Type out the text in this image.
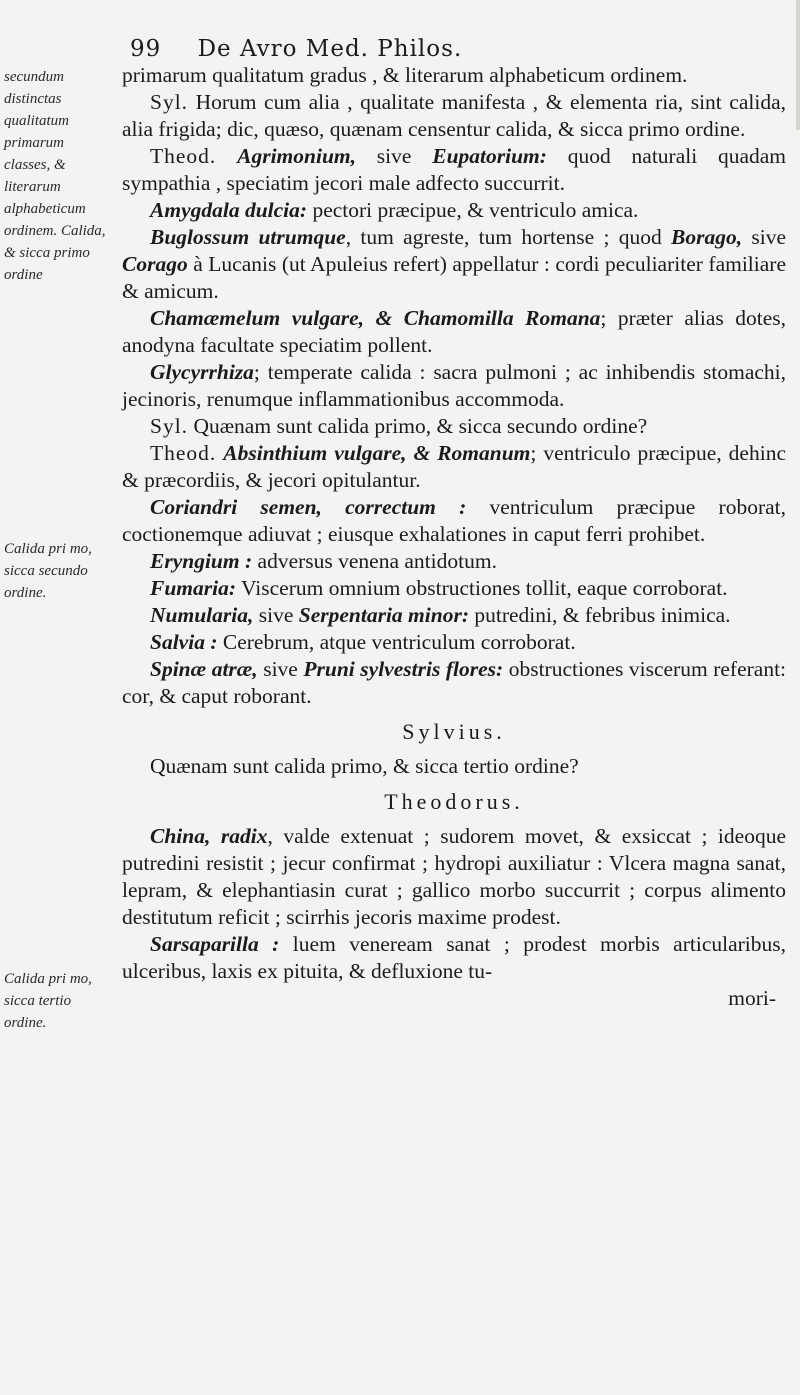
99 De Avro Med. Philos.
secundum distinctas qualitatum primarum classes, & literarum alphabeticum ordinem. Calida, & sicca primo ordine
Calida pri mo, sicca secundo ordine.
Calida pri mo, sicca tertio ordine.

primarum qualitatum gradus , & literarum alphabeticum ordinem.

Syl. Horum cum alia , qualitate manifesta , & elementa ria, sint calida, alia frigida; dic, quæso, quænam censentur calida, & sicca primo ordine.

Theod. Agrimonium, sive Eupatorium: quod naturali quadam sympathia , speciatim jecori male adfecto succurrit.

Amygdala dulcia: pectori præcipue, & ventriculo amica.

Buglossum utrumque, tum agreste, tum hortense ; quod Borago, sive Corago à Lucanis (ut Apuleius refert) appellatur : cordi peculiariter familiare & amicum.

Chamæmelum vulgare, & Chamomilla Romana; præter alias dotes, anodyna facultate speciatim pollent.

Glycyrrhiza; temperate calida : sacra pulmoni ; ac inhibendis stomachi, jecinoris, renumque inflammationibus accommoda.

Syl. Quænam sunt calida primo, & sicca secundo ordine?

Theod. Absinthium vulgare, & Romanum; ventriculo præcipue, dehinc & præcordiis, & jecori opitulantur.

Coriandri semen, correctum : ventriculum præcipue roborat, coctionemque adiuvat ; eiusque exhalationes in caput ferri prohibet.

Eryngium : adversus venena antidotum.

Fumaria: Viscerum omnium obstructiones tollit, eaque corroborat.

Numularia, sive Serpentaria minor: putredini, & febribus inimica.

Salvia : Cerebrum, atque ventriculum corroborat.

Spinæ atræ, sive Pruni sylvestris flores: obstructiones viscerum referant: cor, & caput roborant.

Sylvius.

Quænam sunt calida primo, & sicca tertio ordine?

Theodorus.

China, radix, valde extenuat ; sudorem movet, & exsiccat ; ideoque putredini resistit ; jecur confirmat ; hydropi auxiliatur : Vlcera magna sanat, lepram, & elephantiasin curat ; gallico morbo succurrit ; corpus alimento destitutum reficit ; scirrhis jecoris maxime prodest.

Sarsaparilla : luem veneream sanat ; prodest morbis articularibus, ulceribus, laxis ex pituita, & defluxione tu-

mori-
